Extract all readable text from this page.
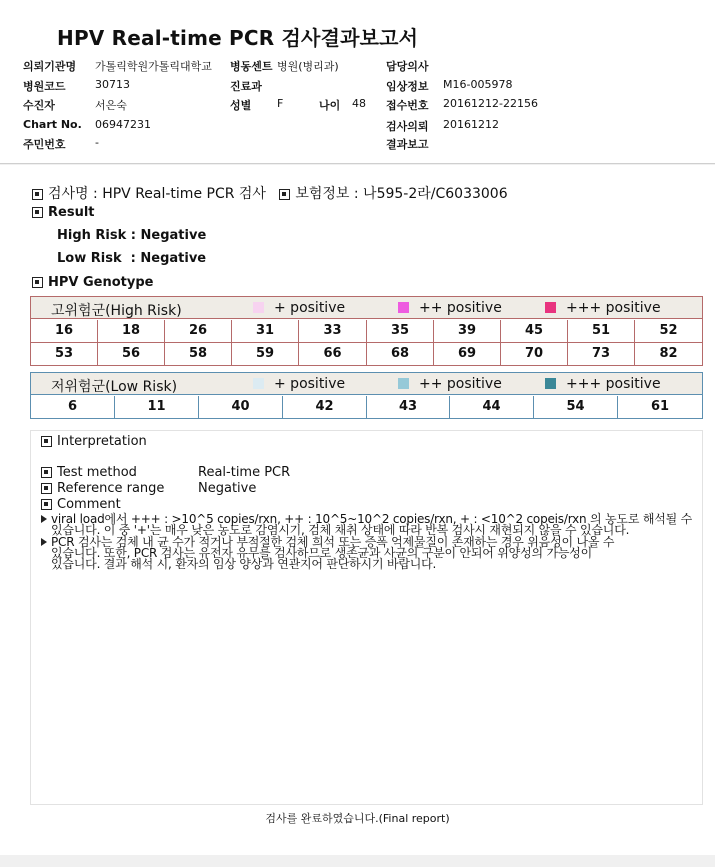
HPV Real-time PCR 검사결과보고서
의뢰기관명 가톨릭학원가톨릭대학교 병동센트 병원(병리과)	담당의사
병원코드	30713	진료과	임상정보 M16-005978
수진자	서은숙	성별 F	나이 48 접수번호 20161212-22156
Chart No. 06947231	검사의뢰 20161212
주민번호	-	결과보고
검사명 : HPV Real-time PCR 검사 보험정보 : 나595-2라/C6033006
Result
High Risk : Negative
Low Risk  : Negative
HPV Genotype
고위험군(High Risk)	+ positive	++ positive	+++ positive
16	18	26	31	33	35	39	45	51	52
53	56	58	59	66	68	69	70	73	82
저위험군(Low Risk)	+ positive	++ positive	+++ positive
6	11	40	42	43	44	54	61
Interpretation
Test method	Real-time PCR
Reference range	Negative
Comment
viral load에서 +++ : >10^5 copies/rxn, ++ : 10^5~10^2 copies/rxn, + : <10^2 copeis/rxn 의 농도로 해석될 수
있습니다. 이 중 '+'는 매우 낮은 농도로 감염시기, 검체 채취 상태에 따라 반복 검사시 재현되지 않을 수 있습니다.
PCR 검사는 검체 내 균 수가 적거나 부적절한 검체 희석 또는 증폭 억제물질이 존재하는 경우 위음성이 나올 수
있습니다. 또한, PCR 검사는 유전자 유무를 검사하므로 생존균과 사균의 구분이 안되어 위양성의 가능성이
있습니다. 결과 해석 시, 환자의 임상 양상과 연관지어 판단하시기 바랍니다.
검사를 완료하였습니다.(Final report)
